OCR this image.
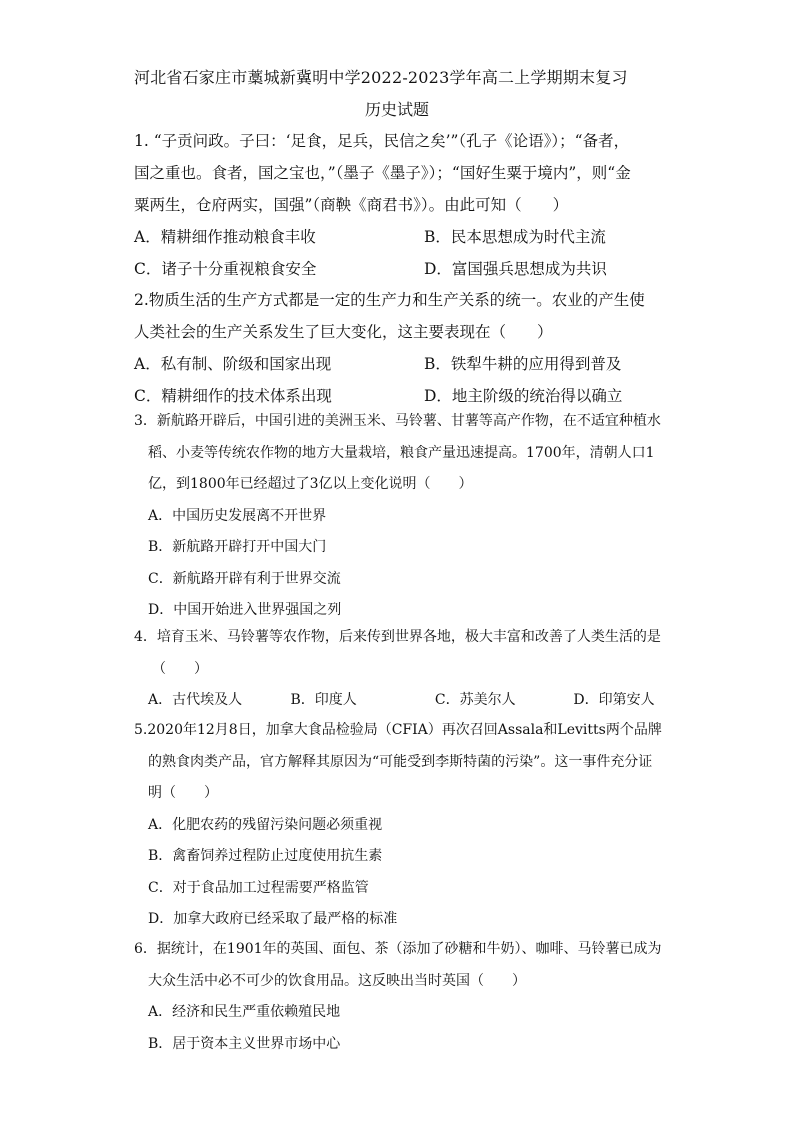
河北省石家庄市藁城新冀明中学2022-2023学年高二上学期期末复习
历史试题

1. “子贡问政。子曰：‘足食，足兵，民信之矣’”（孔子《论语》）；“备者，

国之重也。食者，国之宝也，”（墨子《墨子》）；“国好生粟于境内”，则“金

粟两生，仓府两实，国强”（商鞅《商君书》）。由此可知（　　）

A．精耕细作推动粮食丰收	B．民本思想成为时代主流
C．诸子十分重视粮食安全	D．富国强兵思想成为共识

2.物质生活的生产方式都是一定的生产力和生产关系的统一。农业的产生使

人类社会的生产关系发生了巨大变化，这主要表现在（　　）

A．私有制、阶级和国家出现	B．铁犁牛耕的应用得到普及
C．精耕细作的技术体系出现	D．地主阶级的统治得以确立

3．新航路开辟后，中国引进的美洲玉米、马铃薯、甘薯等高产作物，在不适宜种植水

稻、小麦等传统农作物的地方大量栽培，粮食产量迅速提高。1700年，清朝人口1

亿，到1800年已经超过了3亿以上变化说明（　　）

A．中国历史发展离不开世界

B．新航路开辟打开中国大门

C．新航路开辟有利于世界交流

D．中国开始进入世界强国之列

4．培育玉米、马铃薯等农作物，后来传到世界各地，极大丰富和改善了人类生活的是

（　　）

A．古代埃及人	B．印度人	C．苏美尔人	D．印第安人

5.2020年12月8日，加拿大食品检验局（CFIA）再次召回Assala和Levitts两个品牌

的熟食肉类产品，官方解释其原因为“可能受到李斯特菌的污染”。这一事件充分证

明（　　）

A．化肥农药的残留污染问题必须重视

B．禽畜饲养过程防止过度使用抗生素

C．对于食品加工过程需要严格监管

D．加拿大政府已经采取了最严格的标准

6．据统计，在1901年的英国、面包、茶（添加了砂糖和牛奶）、咖啡、马铃薯已成为

大众生活中必不可少的饮食用品。这反映出当时英国（　　）

A．经济和民生严重依赖殖民地

B．居于资本主义世界市场中心
